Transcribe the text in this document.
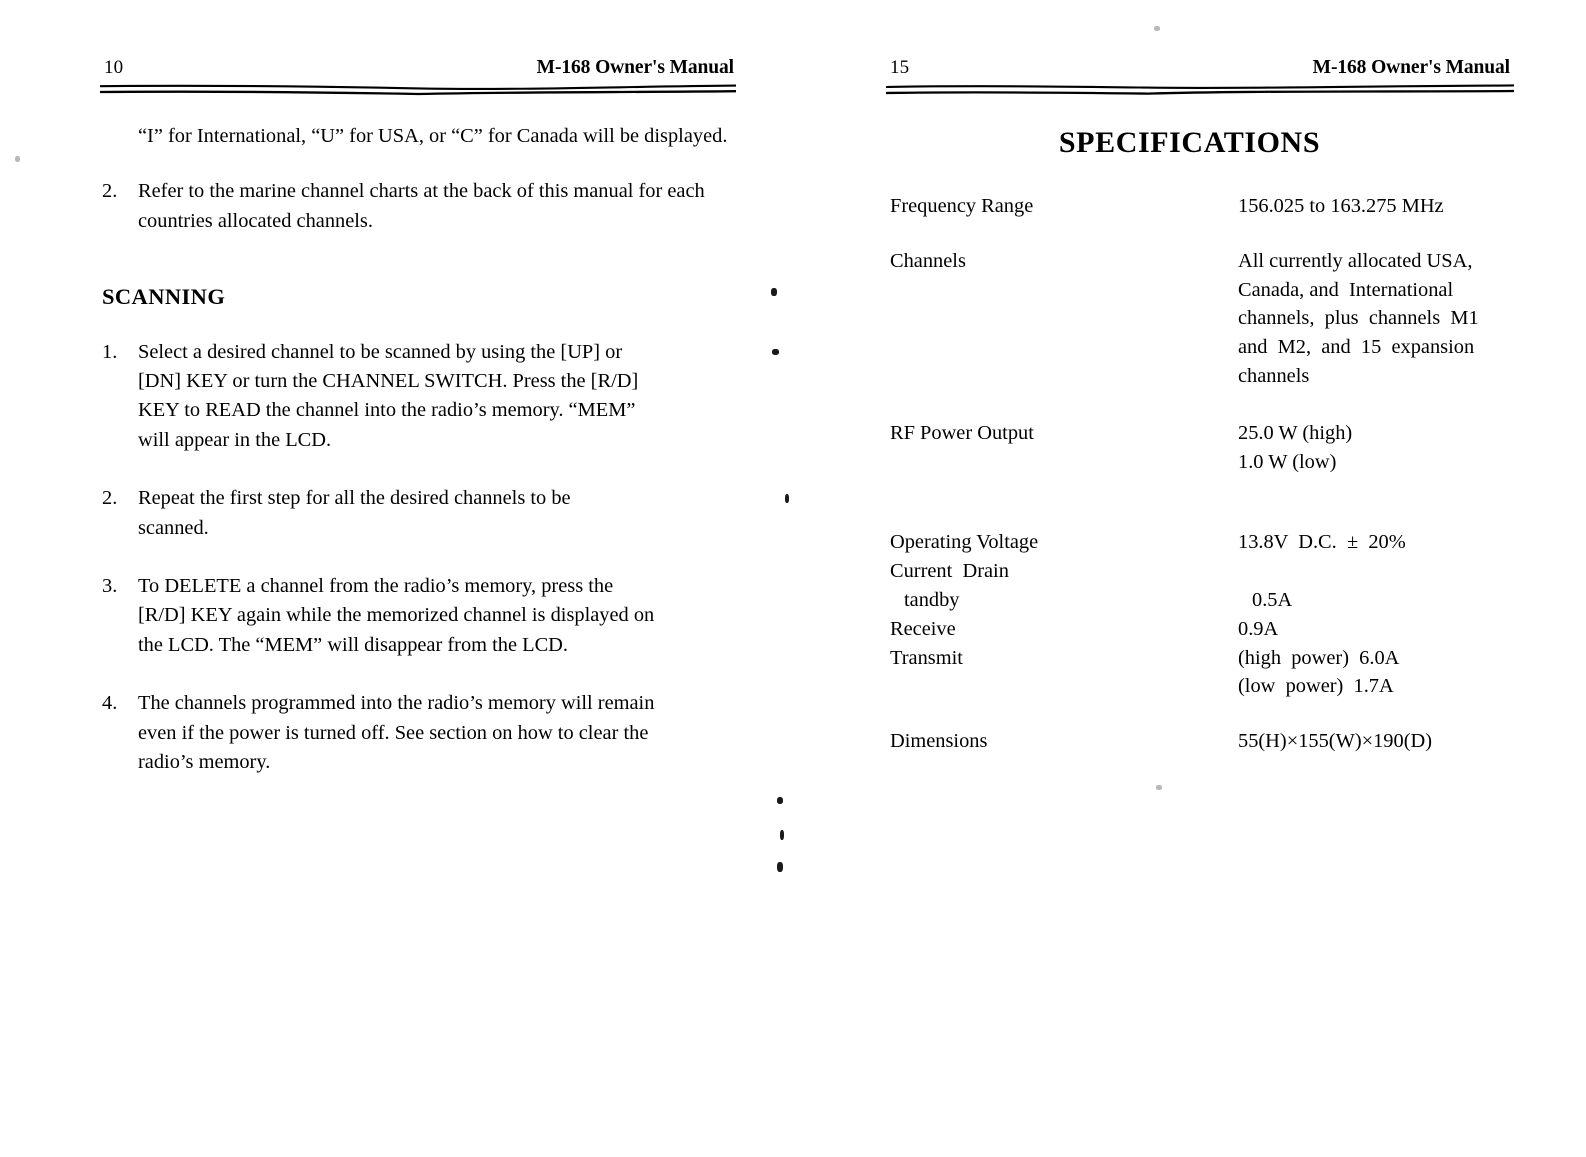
10	M-168 Owner's Manual

“I” for International, “U” for USA, or “C” for Canada will be displayed.

2.	Refer to the marine channel charts at the back of this manual for each countries allocated channels.
SCANNING
1.	Select a desired channel to be scanned by using the [UP] or
[DN] KEY or turn the CHANNEL SWITCH. Press the [R/D]
KEY to READ the channel into the radio’s memory. “MEM”
will appear in the LCD.
2.	Repeat the first step for all the desired channels to be
scanned.
3.	To DELETE a channel from the radio’s memory, press the
[R/D] KEY again while the memorized channel is displayed on
the LCD. The “MEM” will disappear from the LCD.
4.	The channels programmed into the radio’s memory will remain
even if the power is turned off. See section on how to clear the
radio’s memory.
15	M-168 Owner's Manual
SPECIFICATIONS
Frequency Range	156.025 to 163.275 MHz
Channels	All currently allocated USA,
Canada, and  International
channels,  plus  channels  M1
and  M2,  and  15  expansion
channels
RF Power Output	25.0 W (high)
1.0 W (low)
Operating Voltage	13.8V  D.C.  ±  20%
Current  Drain
tandby	0.5A
Receive	0.9A
Transmit	(high  power)  6.0A
(low  power)  1.7A
Dimensions	55(H)×155(W)×190(D)
